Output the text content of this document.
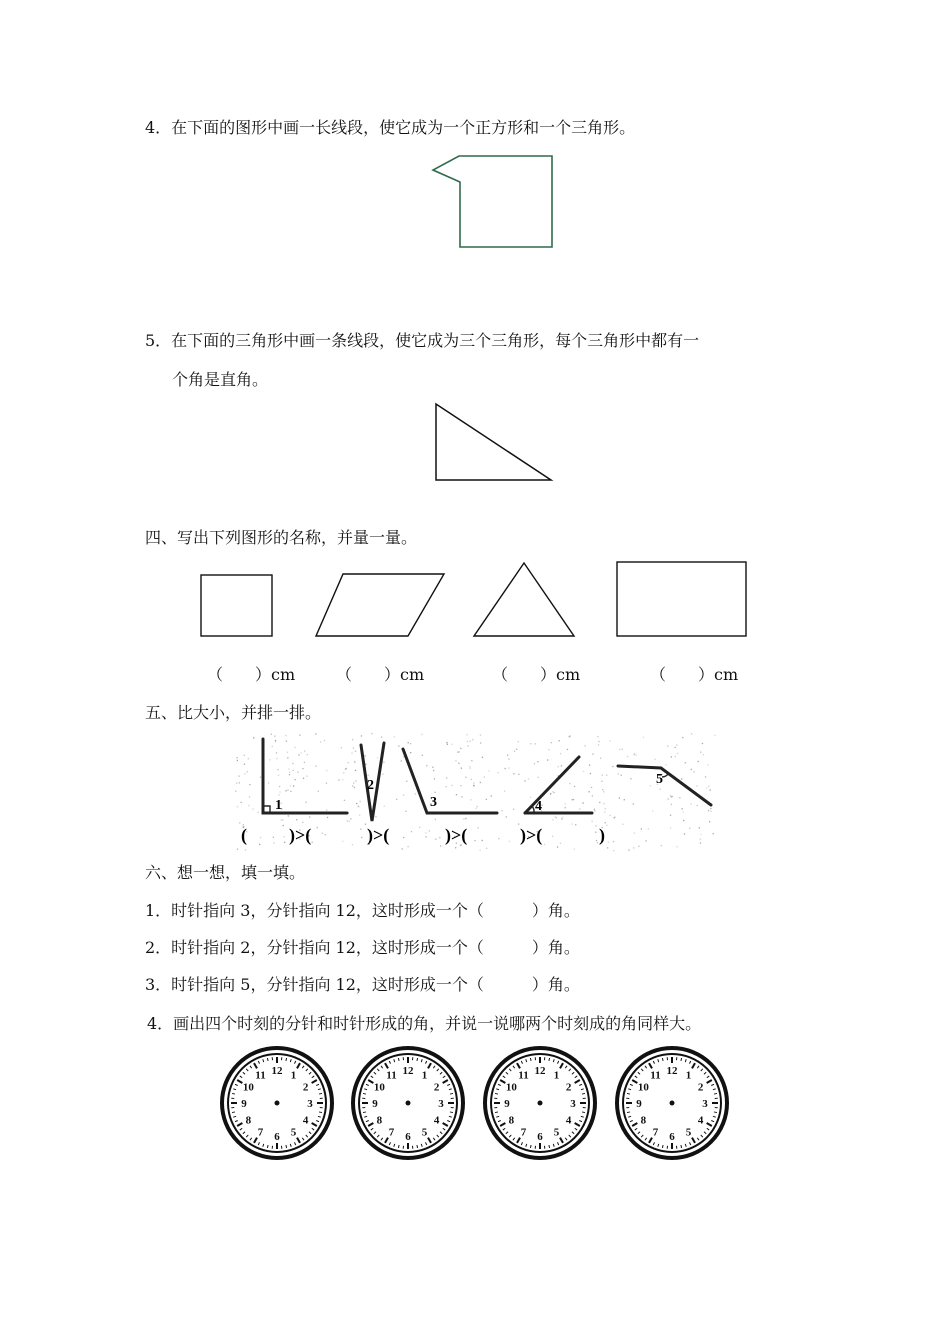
4．在下面的图形中画一长线段，使它成为一个正方形和一个三角形。
5．在下面的三角形中画一条线段，使它成为三个三角形，每个三角形中都有一
个角是直角。
四、写出下列图形的名称，并量一量。
（　　）cm	（　　）cm	（　　）cm	（　　）cm
五、比大小，并排一排。
1
2
3	4
5
( )>(	)>(	)>(	)>(	)
六、想一想，填一填。
1．时针指向 3，分针指向 12，这时形成一个（　　　）角。
2．时针指向 2，分针指向 12，这时形成一个（　　　）角。
3．时针指向 5，分针指向 12，这时形成一个（　　　）角。
4．画出四个时刻的分针和时针形成的角，并说一说哪两个时刻成的角同样大。
12 1
2
3
4
5
6
7
8
9
10
11	12 1
2
3
4
5
6
7
8
9
10
11	12 1
2
3
4
5
6
7
8
9
10
11	12 1
2
3
4
5
6
7
8
9
10
11
